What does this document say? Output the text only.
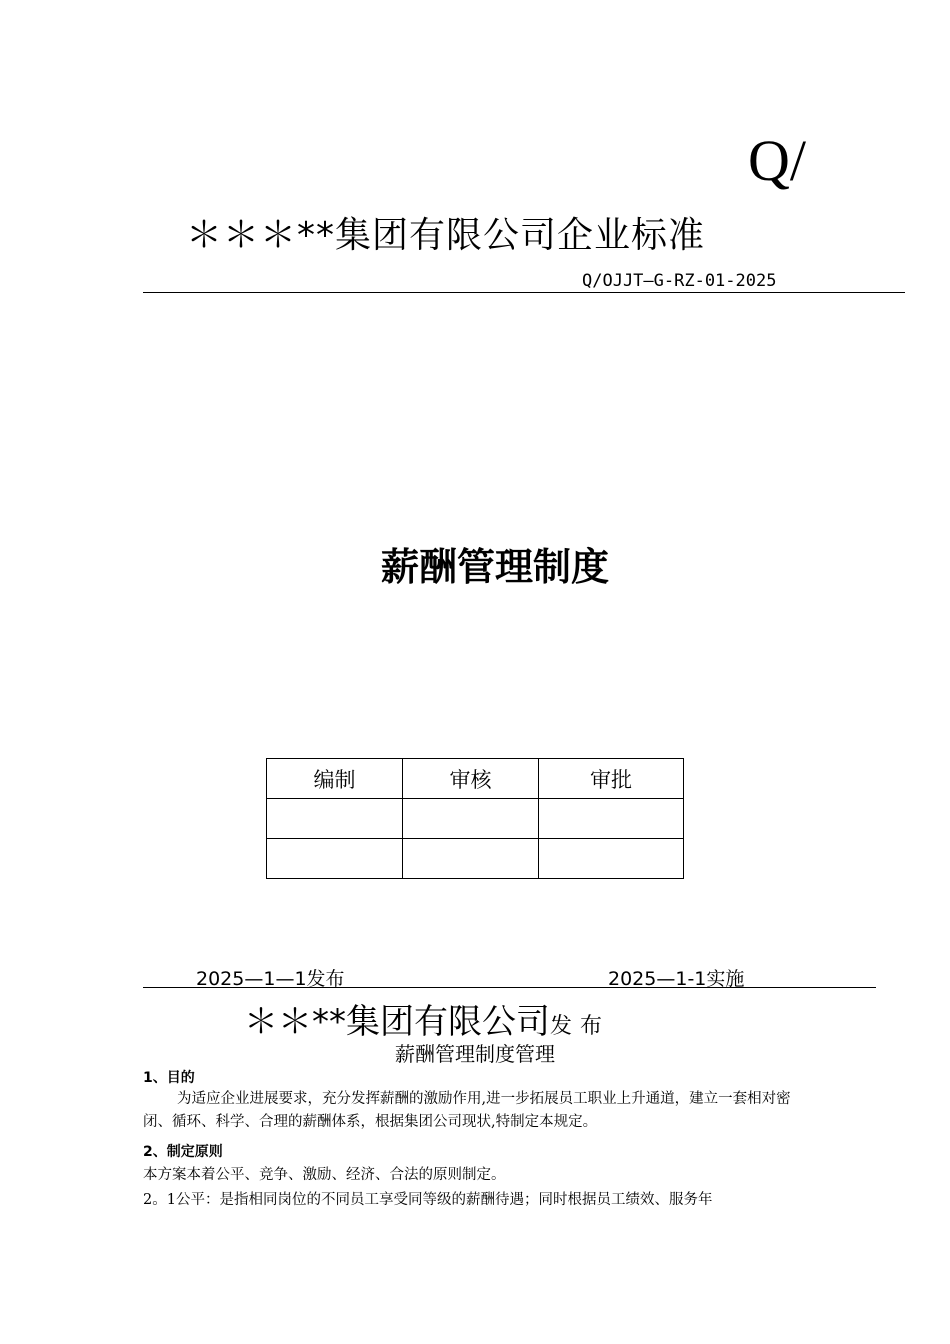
Q/
＊＊＊**集团有限公司企业标准
Q/OJJT—G-RZ-01-2025
薪酬管理制度
编制	审核	审批

2025—1—1发布	2025—1-1实施
＊＊**集团有限公司发布
薪酬管理制度管理
1、目的
为适应企业进展要求，充分发挥薪酬的激励作用,进一步拓展员工职业上升通道，建立一套相对密闭、循环、科学、合理的薪酬体系，根据集团公司现状,特制定本规定。
2、制定原则
本方案本着公平、竞争、激励、经济、合法的原则制定。
2。1公平：是指相同岗位的不同员工享受同等级的薪酬待遇；同时根据员工绩效、服务年
